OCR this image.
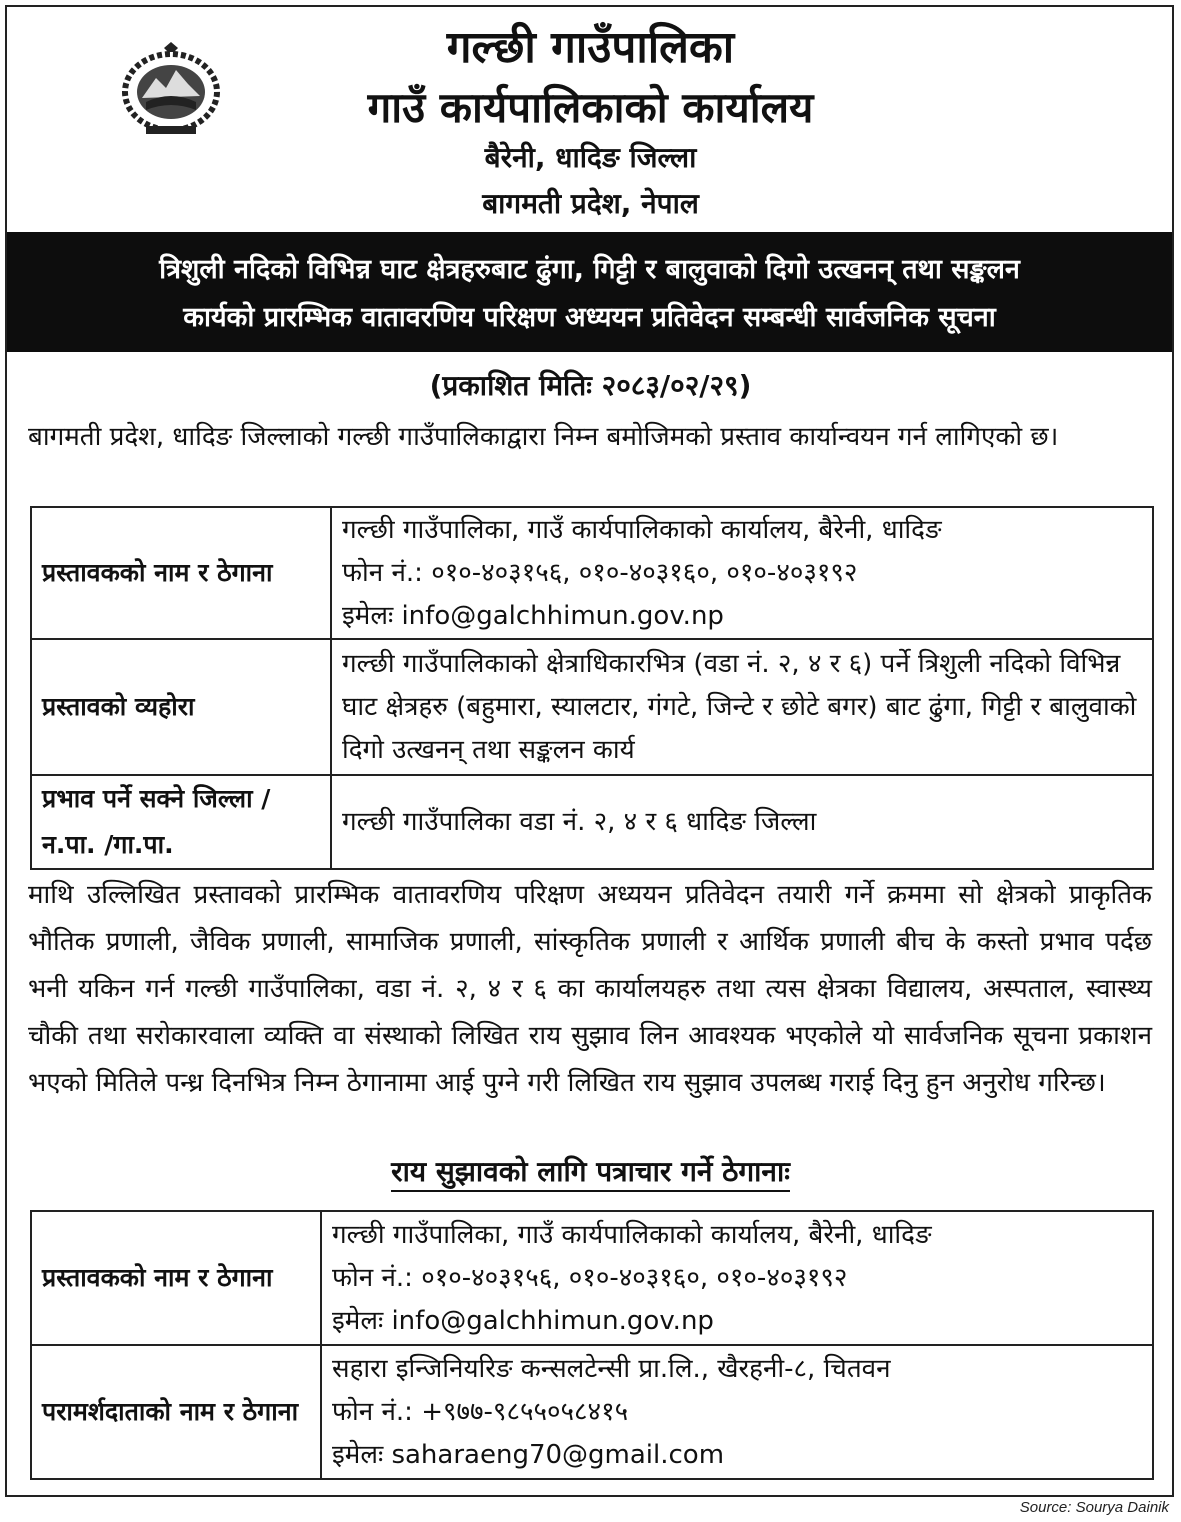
गल्छी गाउँपालिका
गाउँ कार्यपालिकाको कार्यालय
बैरेनी, धादिङ जिल्ला
बागमती प्रदेश, नेपाल
त्रिशुली नदिको विभिन्न घाट क्षेत्रहरुबाट ढुंगा, गिट्टी र बालुवाको दिगो उत्खनन् तथा सङ्कलन
कार्यको प्रारम्भिक वातावरणिय परिक्षण अध्ययन प्रतिवेदन सम्बन्धी सार्वजनिक सूचना
(प्रकाशित मितिः २०८३/०२/२९)
बागमती प्रदेश, धादिङ जिल्लाको गल्छी गाउँपालिकाद्वारा निम्न बमोजिमको प्रस्ताव कार्यान्वयन गर्न लागिएको छ।
प्रस्तावकको नाम र ठेगाना	गल्छी गाउँपालिका, गाउँ कार्यपालिकाको कार्यालय, बैरेनी, धादिङ
फोन नं.: ०१०-४०३१५६, ०१०-४०३१६०, ०१०-४०३१९२
इमेलः info@galchhimun.gov.np

प्रस्तावको व्यहोरा	गल्छी गाउँपालिकाको क्षेत्राधिकारभित्र (वडा नं. २, ४ र ६) पर्ने त्रिशुली नदिको विभिन्न घाट क्षेत्रहरु (बहुमारा, स्यालटार, गंगटे, जिन्टे र छोटे बगर) बाट ढुंगा, गिट्टी र बालुवाको दिगो उत्खनन् तथा सङ्कलन कार्य

प्रभाव पर्ने सक्ने जिल्ला /न.पा. /गा.पा.	गल्छी गाउँपालिका वडा नं. २, ४ र ६ धादिङ जिल्ला
माथि उल्लिखित प्रस्तावको प्रारम्भिक वातावरणिय परिक्षण अध्ययन प्रतिवेदन तयारी गर्ने क्रममा सो क्षेत्रको प्राकृतिक भौतिक प्रणाली, जैविक प्रणाली, सामाजिक प्रणाली, सांस्कृतिक प्रणाली र आर्थिक प्रणाली बीच के कस्तो प्रभाव पर्दछ भनी यकिन गर्न गल्छी गाउँपालिका, वडा नं. २, ४ र ६ का कार्यालयहरु तथा त्यस क्षेत्रका विद्यालय, अस्पताल, स्वास्थ्य चौकी तथा सरोकारवाला व्यक्ति वा संस्थाको लिखित राय सुझाव लिन आवश्यक भएकोले यो सार्वजनिक सूचना प्रकाशन भएको मितिले पन्ध्र दिनभित्र निम्न ठेगानामा आई पुग्ने गरी लिखित राय सुझाव उपलब्ध गराई दिनु हुन अनुरोध गरिन्छ।
राय सुझावको लागि पत्राचार गर्ने ठेगानाः
प्रस्तावकको नाम र ठेगाना	गल्छी गाउँपालिका, गाउँ कार्यपालिकाको कार्यालय, बैरेनी, धादिङ
फोन नं.: ०१०-४०३१५६, ०१०-४०३१६०, ०१०-४०३१९२
इमेलः info@galchhimun.gov.np

परामर्शदाताको नाम र ठेगाना	सहारा इन्जिनियरिङ कन्सलटेन्सी प्रा.लि., खैरहनी-८, चितवन
फोन नं.: +९७७-९८५५०५८४१५
इमेलः saharaeng70@gmail.com
Source: Sourya Dainik
